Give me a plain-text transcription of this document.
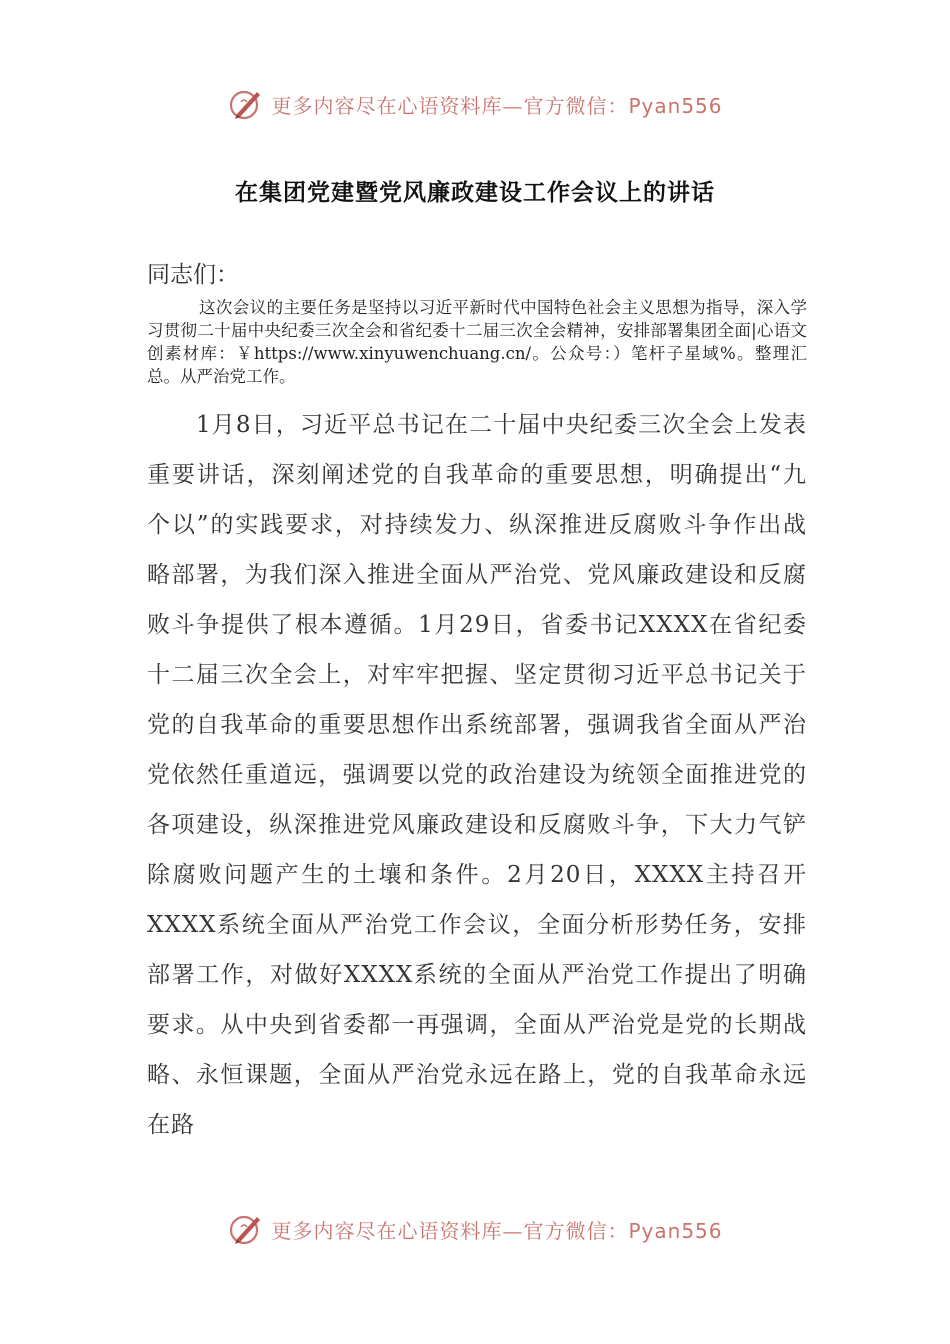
更多内容尽在心语资料库—官方微信：Pyan556
在集团党建暨党风廉政建设工作会议上的讲话
同志们：

这次会议的主要任务是坚持以习近平新时代中国特色社会主义思想为指导，深入学习贯彻二十届中央纪委三次全会和省纪委十二届三次全会精神，安排部署集团全面|心语文创素材库：￥https://www.xinyuwenchuang.cn/。公众号：）笔杆子星域%。整理汇总。从严治党工作。

1月8日，习近平总书记在二十届中央纪委三次全会上发表重要讲话，深刻阐述党的自我革命的重要思想，明确提出“九个以”的实践要求，对持续发力、纵深推进反腐败斗争作出战略部署，为我们深入推进全面从严治党、党风廉政建设和反腐败斗争提供了根本遵循。1月29日，省委书记XXXX在省纪委十二届三次全会上，对牢牢把握、坚定贯彻习近平总书记关于党的自我革命的重要思想作出系统部署，强调我省全面从严治党依然任重道远，强调要以党的政治建设为统领全面推进党的各项建设，纵深推进党风廉政建设和反腐败斗争，下大力气铲除腐败问题产生的土壤和条件。2月20日，XXXX主持召开XXXX系统全面从严治党工作会议，全面分析形势任务，安排部署工作，对做好XXXX系统的全面从严治党工作提出了明确要求。从中央到省委都一再强调，全面从严治党是党的长期战略、永恒课题，全面从严治党永远在路上，党的自我革命永远在路

更多内容尽在心语资料库—官方微信：Pyan556
